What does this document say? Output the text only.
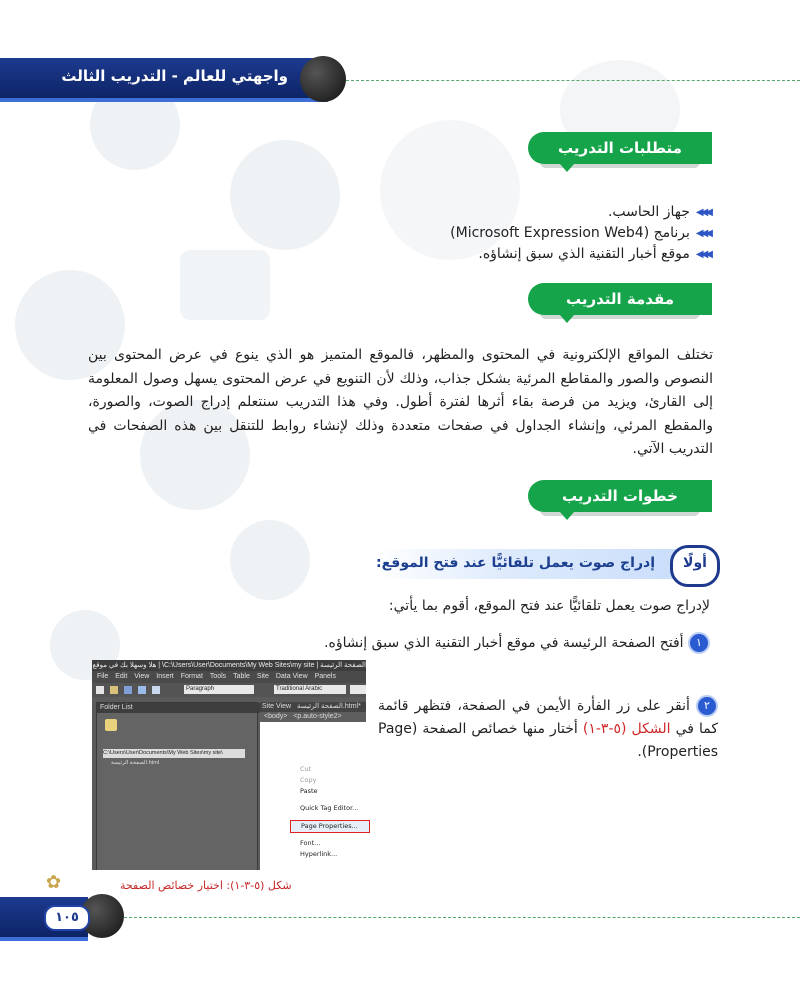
واجهتي للعالم - التدريب الثالث
متطلبات التدريب
◀◀◀
جهاز الحاسب.
◀◀◀
برنامج (Microsoft Expression Web4)
◀◀◀
موقع أخبار التقنية الذي سبق إنشاؤه.
مقدمة التدريب
تختلف المواقع الإلكترونية في المحتوى والمظهر، فالموقع المتميز هو الذي ينوع في عرض المحتوى بين النصوص والصور والمقاطع المرئية بشكل جذاب، وذلك لأن التنويع في عرض المحتوى يسهل وصول المعلومة إلى القارئ، ويزيد من فرصة بقاء أثرها لفترة أطول. وفي هذا التدريب سنتعلم إدراج الصوت، والصورة، والمقطع المرئي، وإنشاء الجداول في صفحات متعددة وذلك لإنشاء روابط للتنقل بين هذه الصفحات في التدريب الآتي.
خطوات التدريب
إدراج صوت يعمل تلقائيًّا عند فتح الموقع:	أولًا
لإدراج صوت يعمل تلقائيًّا عند فتح الموقع، أقوم بما يأتي:
١ أفتح الصفحة الرئيسة في موقع أخبار التقنية الذي سبق إنشاؤه.
٢ أنقر على زر الفأرة الأيمن في الصفحة، فتظهر قائمة كما في الشكل (٥-٣-١) أختار منها خصائص الصفحة (Page Properties).
الصفحة الرئيسة | C:\Users\User\Documents\My Web Sites\my site\ | هلا وسهلا بك في موقع
File Edit View Insert Format Tools Table Site Data View Panels
Paragraph	Traditional Arabic
Folder List
C:\Users\User\Documents\My Web Sites\my site\
الصفحة الرئيسة.html
Site View الصفحة الرئيسة.html*
<body> <p.auto-style2>
Cut
Copy
Paste
Quick Tag Editor...
Page Properties...
Font...
Hyperlink...
شكل (٥-٣-١): اختيار خصائص الصفحة
✿
١٠٥
